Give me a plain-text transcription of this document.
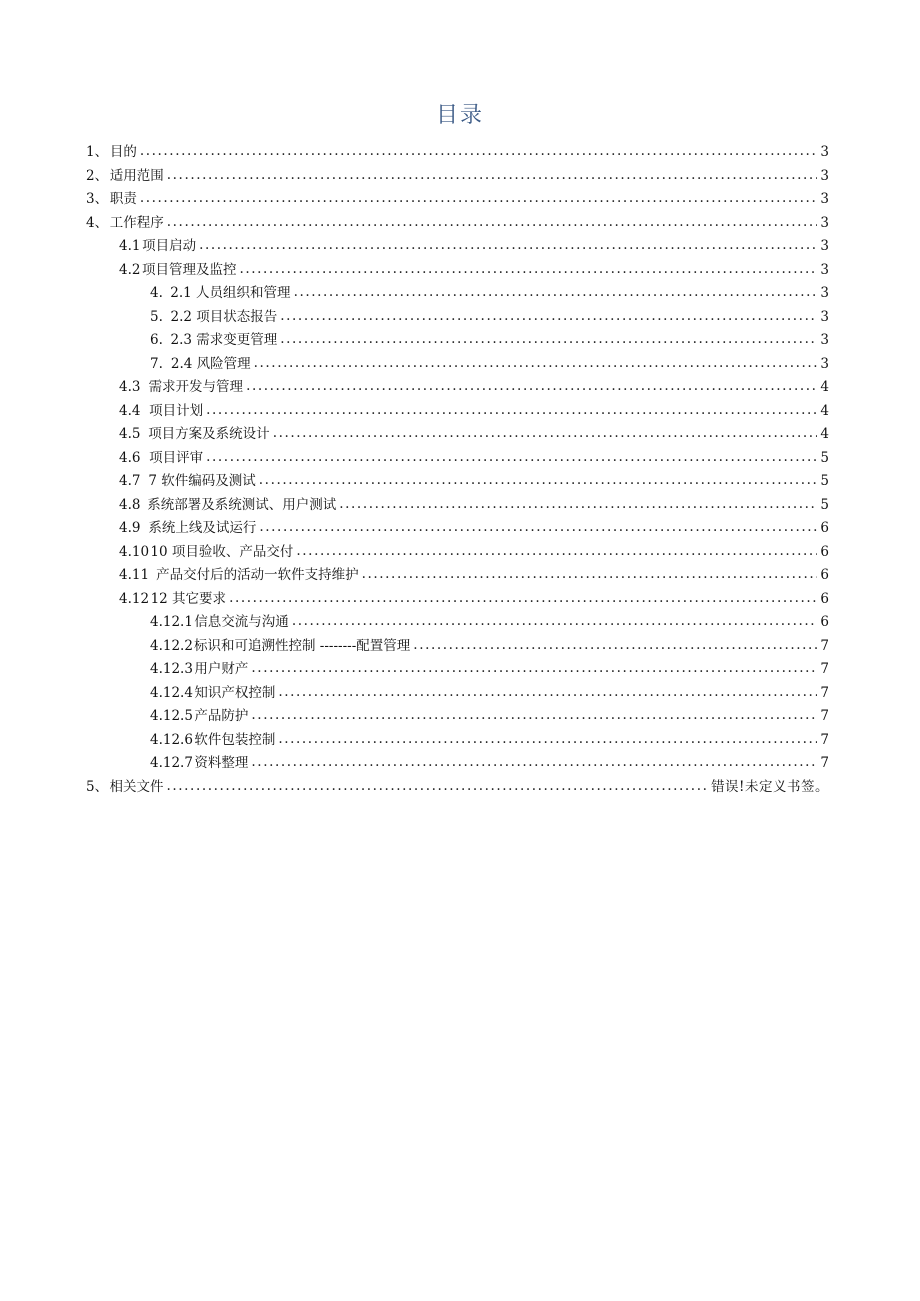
目录
1、 目的 .....	3
2、 适用范围 .....	3
3、 职责 .....	3
4、 工作程序 .....	3
4.1 项目启动 .....	3
4.2 项目管理及监控 .....	3
4. 2.1 人员组织和管理 .....	3
5. 2.2 项目状态报告 .....	3
6. 2.3 需求变更管理 .....	3
7. 2.4 风险管理 .....	3
4.3 需求开发与管理 .....	4
4.4 项目计划 .....	4
4.5 项目方案及系统设计 .....	4
4.6 项目评审 .....	5
4.7 7 软件编码及测试 .....	5
4.8 系统部署及系统测试、用户测试 .....	5
4.9 系统上线及试运行 .....	6
4.10 10 项目验收、产品交付 .....	6
4.11 产品交付后的活动一软件支持维护 .....	6
4.12 12 其它要求 .....	6
4.12.1 信息交流与沟通 .....	6
4.12.2 标识和可追溯性控制 --------配置管理 .....	7
4.12.3 用户财产 .....	7
4.12.4 知识产权控制 .....	7
4.12.5 产品防护 .....	7
4.12.6 软件包装控制 .....	7
4.12.7 资料整理 .....	7
5、 相关文件 .....	错误!未定义书签。
